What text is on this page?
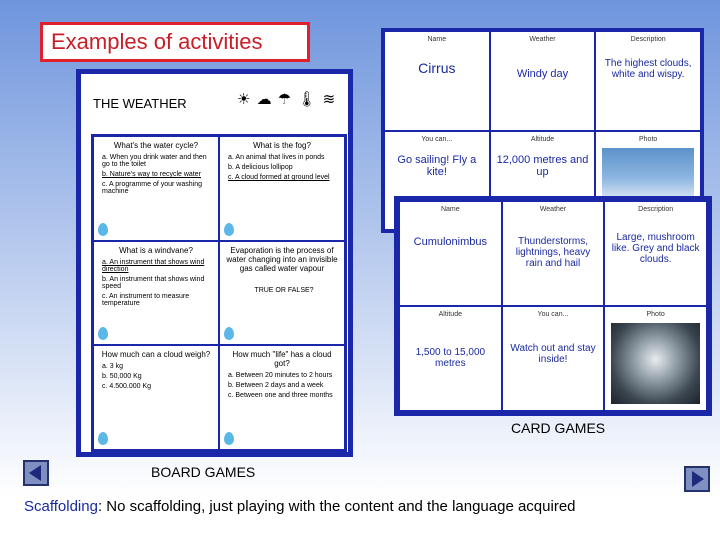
Examples of activities
THE WEATHER	☀ ☁ ☂ 🌡 ≋
What's the water cycle?
a. When you drink water and then go to the toilet
b. Nature's way to recycle water
c. A programme of your washing machine
What is the fog?
a. An animal that lives in ponds
b. A delicious lollipop
c. A cloud formed at ground level
What is a windvane?
a. An instrument that shows wind direction
b. An instrument that shows wind speed
c. An instrument to measure temperature
Evaporation is the process of water changing into an invisible gas called water vapour
TRUE OR FALSE?
How much can a cloud weigh?
a. 3 kg
b. 50,000 Kg
c. 4.500.000 Kg
How much "life" has a cloud got?
a. Between 20 minutes to 2 hours
b. Between 2 days and a week
c. Between one and three months
Name
Cirrus
Weather
Windy day
Description
The highest clouds, white and wispy.
You can...
Go sailing! Fly a kite!
Altitude
12,000 metres and up
Photo
Name
Cumulonimbus
Weather
Thunderstorms, lightnings, heavy rain and hail
Description
Large, mushroom like. Grey and black clouds.
Altitude
1,500 to 15,000 metres
You can...
Watch out and stay inside!
Photo
CARD GAMES
BOARD GAMES
Scaffolding: No scaffolding, just playing with the content and the language acquired
